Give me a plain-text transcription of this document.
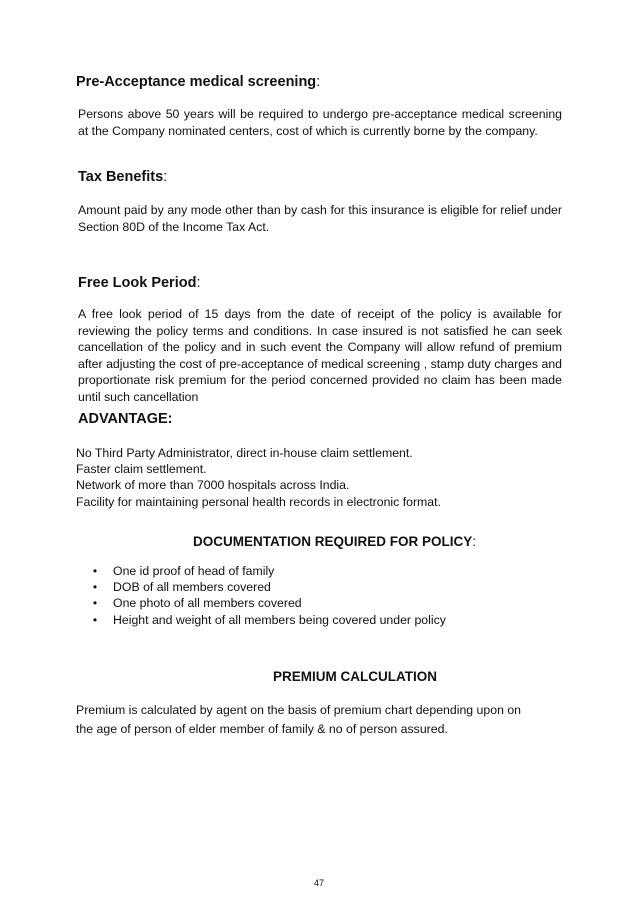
Pre-Acceptance medical screening:
Persons above 50 years will be required to undergo pre-acceptance medical screening at the Company nominated centers, cost of which is currently borne by the company.
Tax Benefits:
Amount paid by any mode other than by cash for this insurance is eligible for relief under Section 80D of the Income Tax Act.
Free Look Period:
A free look period of 15 days from the date of receipt of the policy is available for reviewing the policy terms and conditions. In case insured is not satisfied he can seek cancellation of the policy and in such event the Company will allow refund of premium after adjusting the cost of pre-acceptance of medical screening , stamp duty charges and proportionate risk premium for the period concerned provided no claim has been made until such cancellation
ADVANTAGE:
No Third Party Administrator, direct in-house claim settlement.
Faster claim settlement.
Network of more than 7000 hospitals across India.
Facility for maintaining personal health records in electronic format.
DOCUMENTATION REQUIRED FOR POLICY:
•	One id proof of head of family
•	DOB of all members covered
•	One photo of all members covered
•	Height and weight of all members being covered under policy
PREMIUM CALCULATION
Premium is calculated by agent on the basis of premium chart depending upon on
the age of person of elder member of family & no of person assured.
47
